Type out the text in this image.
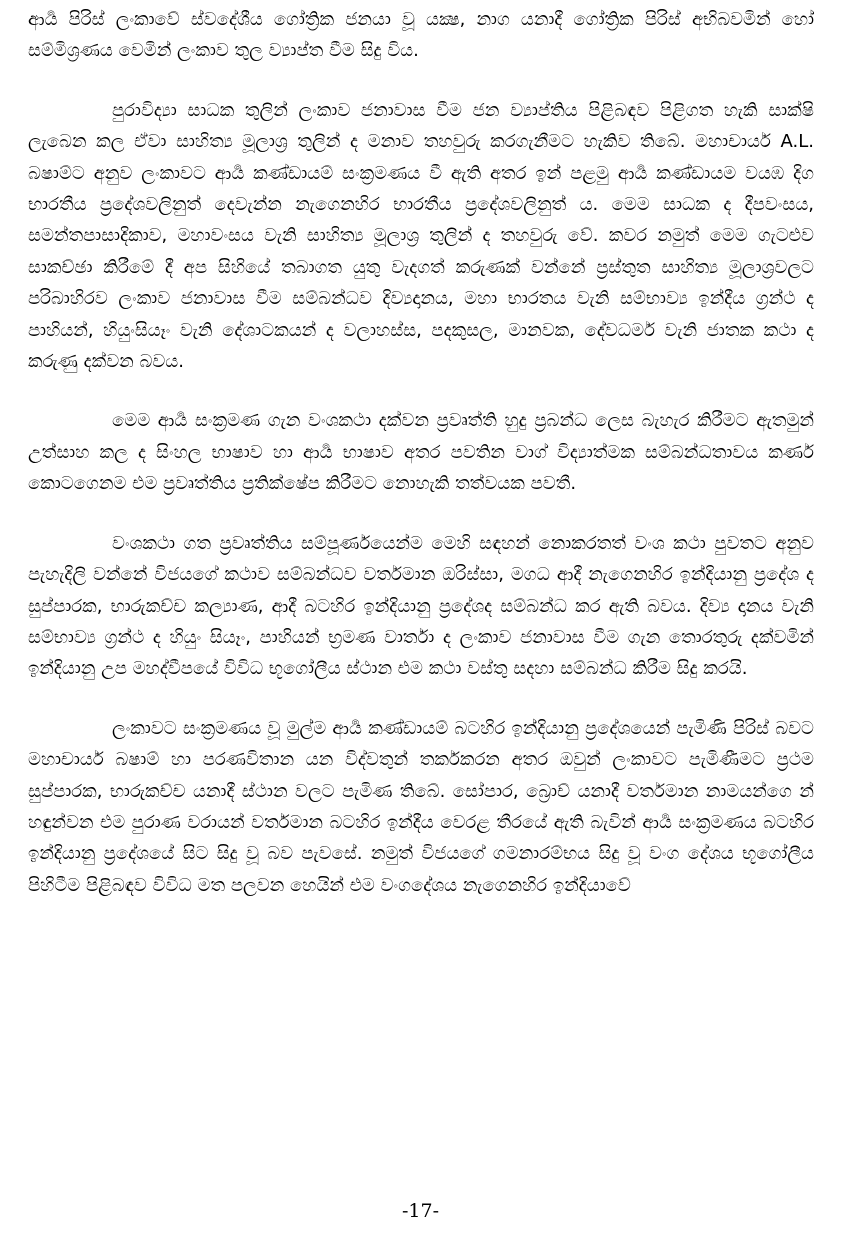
ආර්‍ය පිරිස් ලංකාවේ ස්වදේශීය ගෝත්‍රික ජනයා වූ යක්‍ෂ, නාග යනාදී ගෝත්‍රික පිරිස් අභිබවමින් හෝ සම්මිශ්‍රණය වෙමින් ලංකාව තුල ව්‍යාප්ත වීම සිදු විය.

පුරාවිද්‍යා සාධක තුලින් ලංකාව ජනාවාස වීම ජන ව්‍යාප්තිය පිළිබඳව පිළිගත හැකි සාක්ෂි ලැබෙන කල ඒවා සාහිත්‍ය මූලාශ්‍ර තුලින් ද මනාව තහවුරු කරගැනීමට හැකිව තිබේ. මහාචාර්ය A.L. බෂාම්ට අනුව ලංකාවට ආර්‍ය කණ්ඩායම් සංක්‍රමණය වී ඇති අතර ඉන් පළමු ආර්‍ය කණ්ඩායම වයඹ දිග භාරතීය ප්‍රදේශවලිනුත් දෙවැන්න නැගෙනහිර භාරතීය ප්‍රදේශවලිනුත් ය. මෙම සාධක ද දීපවංසය, සමන්තපාසාදිකාව, මහාවංසය වැනි සාහිත්‍ය මූලාශ්‍ර තුලින් ද තහවුරු වේ. කවර නමුත් මෙම ගැටළුව සාකච්ඡා කිරීමේ දී අප සිහියේ තබාගත යුතු වැදගත් කරුණක් වන්නේ ප්‍රස්තුත සාහිත්‍ය මූලාශ්‍රවලට පරිබාහිරව ලංකාව ජනාවාස වීම සම්බන්ධව දිව්‍යදානය, මහා භාරතය වැනි සම්භාව්‍ය ඉන්දීය ග්‍රන්ථ ද පාහියන්, හියුංසියෑං වැනි දේශාටකයන් ද වලාහස්ස, පදකුසල, මානවක, දේවධර්ම වැනි ජාතක කථා ද කරුණු දක්වන බවය.

මෙම ආර්‍ය සංක්‍රමණ ගැන වංශකථා දක්වන ප්‍රවෘත්ති හුදු ප්‍රබන්ධ ලෙස බැහැර කිරීමට ඇතමුන් උත්සාහ කල ද සිංහල භාෂාව හා ආර්‍ය භාෂාව අතර පවතින වාග් විද්‍යාත්මක සම්බන්ධතාවය කර්ණ කොටගෙනම එම ප්‍රවෘත්තිය ප්‍රතික්ෂේප කිරීමට නොහැකි තත්වයක පවතී.

වංශකථා ගත ප්‍රවෘත්තිය සම්පූර්ණයෙන්ම මෙහි සඳහන් නොකරතත් වංශ කථා පුවතට අනුව පැහැදිලි වන්නේ විජයගේ කථාව සම්බන්ධව වර්තමාන ඔරිස්සා, මගධ ආදී නැගෙනහිර ඉන්දියානු ප්‍රදේශ ද සුප්පාරක, භාරුකච්ච කල්‍යාණ, ආදී බටහිර ඉන්දියානු ප්‍රදේශද සම්බන්ධ කර ඇති බවය. දිව්‍ය දානය වැනි සම්භාව්‍ය ග්‍රන්ථ ද හියුං සියෑං, පාහියන් භ්‍රමණ වාර්තා ද ලංකාව ජනාවාස වීම ගැන තොරතුරු දක්වමින් ඉන්දියානු උප මහද්වීපයේ විවිධ භූගෝලීය ස්ථාන එම කථා වස්තු සදහා සම්බන්ධ කිරීම සිදු කරයි.

ලංකාවට සංක්‍රමණය වූ මුල්ම ආර්‍ය කණ්ඩායම් බටහිර ඉන්දියානු ප්‍රදේශයෙන් පැමිණි පිරිස් බවට මහාචාර්ය බෂාම් හා පරණවිතාන යන විද්වතුන් තර්කකරන අතර ඔවුන් ලංකාවට පැමිණීමට ප්‍රථම සුප්පාරක, භාරුකච්ච යනාදී ස්ථාන වලට පැමිණ තිබේ. සෝපාර, බ්‍රොච් යනාදී වර්තමාන නාමයන්ගෙ න් හඳුන්වන එම පුරාණ වරායන් වර්තමාන බටහිර ඉන්දීය වෙරළ තීරයේ ඇති බැවින් ආර්‍ය සංක්‍රමණය බටහිර ඉන්දියානු ප්‍රදේශයේ සිට සිදු වූ බව පැවසේ. නමුත් විජයගේ ගමනාරම්භය සිදු වූ වංග දේශය භූගෝලීය පිහිටීම පිළිබඳව විවිධ මත පලවන හෙයින් එම වංගදේශය නැගෙනහිර ඉන්දියාවේ

-17-
